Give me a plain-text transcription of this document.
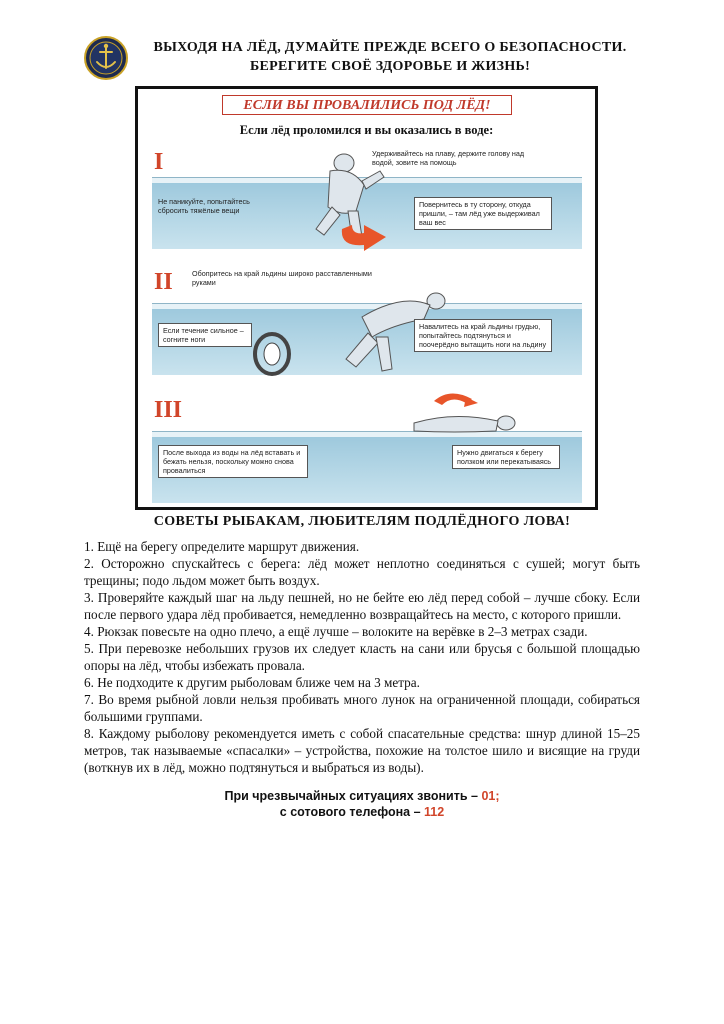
ВЫХОДЯ НА ЛЁД, ДУМАЙТЕ ПРЕЖДЕ ВСЕГО О БЕЗОПАСНОСТИ.
БЕРЕГИТЕ СВОЁ ЗДОРОВЬЕ И ЖИЗНЬ!
ЕСЛИ ВЫ ПРОВАЛИЛИСЬ ПОД ЛЁД!
Если лёд проломился и вы оказались в воде:
I	Удерживайтесь на плаву, держите голову над водой, зовите на помощь
Не паникуйте, попытайтесь сбросить тяжёлые вещи
Повернитесь в ту сторону, откуда пришли, – там лёд уже выдерживал ваш вес
II	Обопритесь на край льдины широко расставленными руками
Если течение сильное – согните ноги
Навалитесь на край льдины грудью, попытайтесь подтянуться и поочерёдно вытащить ноги на льдину
III
После выхода из воды на лёд вставать и бежать нельзя, поскольку можно снова провалиться
Нужно двигаться к берегу ползком или перекатываясь
СОВЕТЫ РЫБАКАМ, ЛЮБИТЕЛЯМ ПОДЛЁДНОГО ЛОВА!

1. Ещё на берегу определите маршрут движения.

2. Осторожно спускайтесь с берега: лёд может неплотно соединяться с сушей; могут быть трещины; подо льдом может быть воздух.

3. Проверяйте каждый шаг на льду пешней, но не бейте ею лёд перед собой – лучше сбоку. Если после первого удара лёд пробивается, немедленно возвращайтесь на место, с которого пришли.

4. Рюкзак повесьте на одно плечо, а ещё лучше – волоките на верёвке в 2–3 метрах сзади.

5. При перевозке небольших грузов их следует класть на сани или брусья с большой площадью опоры на лёд, чтобы избежать провала.

6. Не подходите к другим рыболовам ближе чем на 3 метра.

7. Во время рыбной ловли нельзя пробивать много лунок на ограниченной площади, собираться большими группами.

8. Каждому рыболову рекомендуется иметь с собой спасательные средства: шнур длиной 15–25 метров, так называемые «спасалки» – устройства, похожие на толстое шило и висящие на груди (воткнув их в лёд, можно подтянуться и выбраться из воды).

При чрезвычайных ситуациях звонить – 01;
с сотового телефона – 112
